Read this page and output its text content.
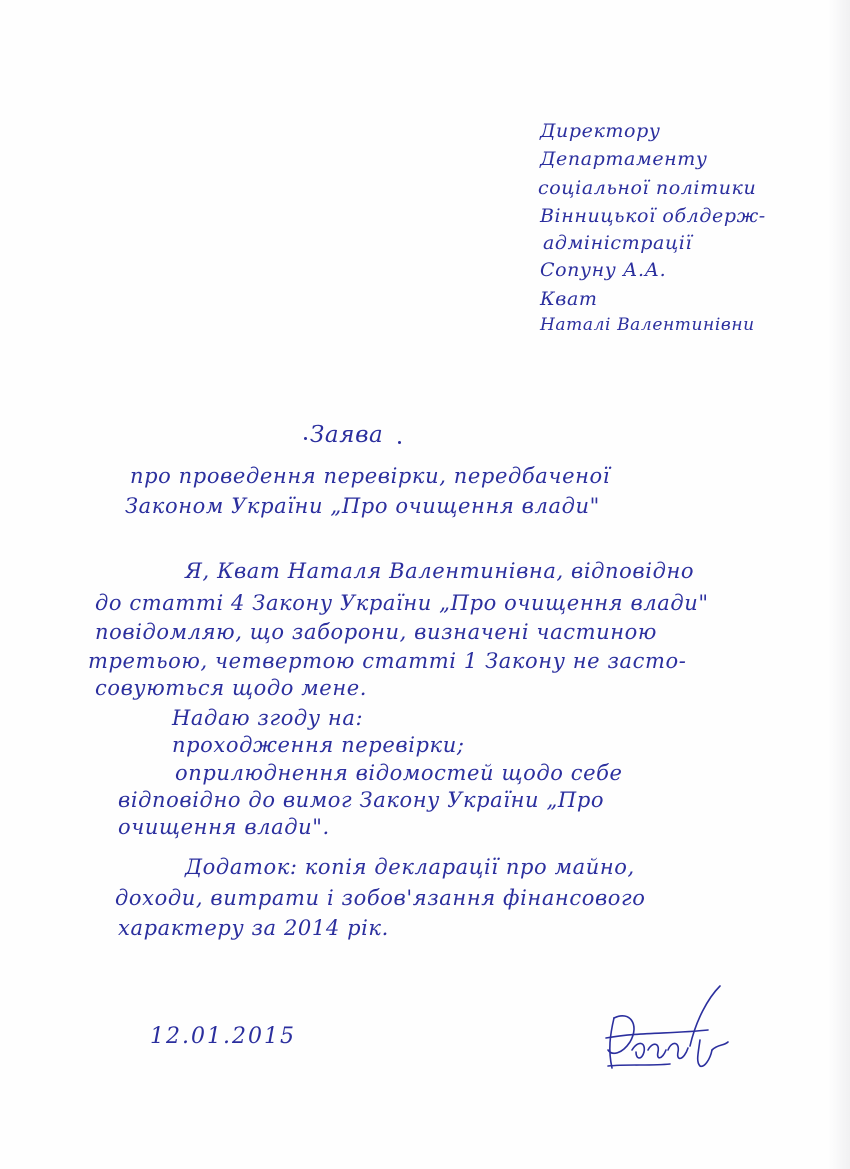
Директору
Департаменту
соціальної політики
Вінницької облдерж-
адміністрації
Сопуну А.А.
Кват
Наталі Валентинівни
Заява
про проведення перевірки, передбаченої
Законом України „Про очищення влади"
Я, Кват Наталя Валентинівна, відповідно
до статті 4 Закону України „Про очищення влади"
повідомляю, що заборони, визначені частиною
третьою, четвертою статті 1 Закону не засто-
совуються щодо мене.
Надаю згоду на:
проходження перевірки;
оприлюднення відомостей щодо себе
відповідно до вимог Закону України „Про
очищення влади".
Додаток: копія декларації про майно,
доходи, витрати і зобов'язання фінансового
характеру за 2014 рік.
12.01.2015
